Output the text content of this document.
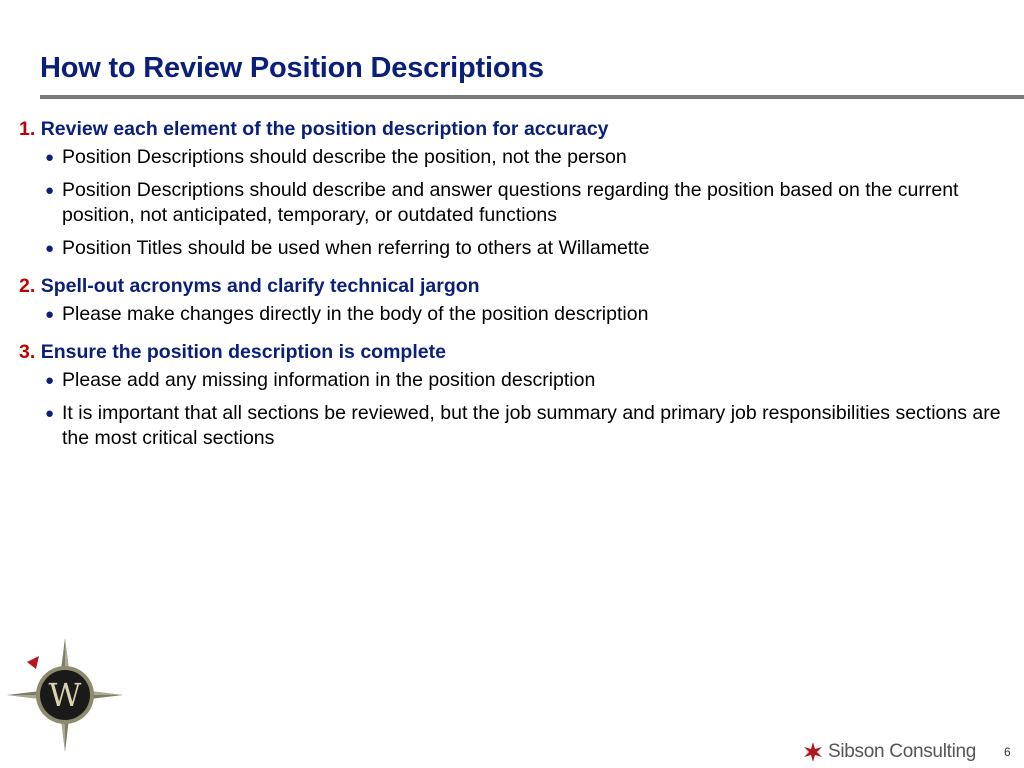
How to Review Position Descriptions
1. Review each element of the position description for accuracy
● Position Descriptions should describe the position, not the person
● Position Descriptions should describe and answer questions regarding the position based on the current position, not anticipated, temporary, or outdated functions
● Position Titles should be used when referring to others at Willamette
2. Spell-out acronyms and clarify technical jargon
● Please make changes directly in the body of the position description
3. Ensure the position description is complete
● Please add any missing information in the position description
● It is important that all sections be reviewed, but the job summary and primary job responsibilities sections are the most critical sections
W
Sibson Consulting 6
